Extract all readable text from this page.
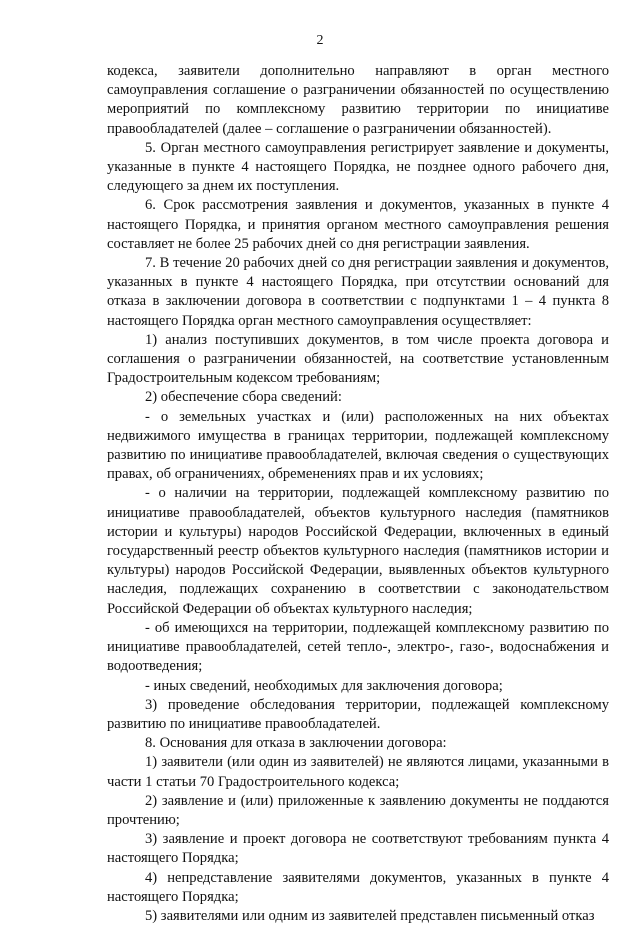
2

кодекса, заявители дополнительно направляют в орган местного самоуправления соглашение о разграничении обязанностей по осуществлению мероприятий по комплексному развитию территории по инициативе правообладателей (далее – соглашение о разграничении обязанностей).

5. Орган местного самоуправления регистрирует заявление и документы, указанные в пункте 4 настоящего Порядка, не позднее одного рабочего дня, следующего за днем их поступления.

6. Срок рассмотрения заявления и документов, указанных в пункте 4 настоящего Порядка, и принятия органом местного самоуправления решения составляет не более 25 рабочих дней со дня регистрации заявления.

7. В течение 20 рабочих дней со дня регистрации заявления и документов, указанных в пункте 4 настоящего Порядка, при отсутствии оснований для отказа в заключении договора в соответствии с подпунктами 1 – 4 пункта 8 настоящего Порядка орган местного самоуправления осуществляет:

1) анализ поступивших документов, в том числе проекта договора и соглашения о разграничении обязанностей, на соответствие установленным Градостроительным кодексом требованиям;

2) обеспечение сбора сведений:

- о земельных участках и (или) расположенных на них объектах недвижимого имущества в границах территории, подлежащей комплексному развитию по инициативе правообладателей, включая сведения о существующих правах, об ограничениях, обременениях прав и их условиях;

- о наличии на территории, подлежащей комплексному развитию по инициативе правообладателей, объектов культурного наследия (памятников истории и культуры) народов Российской Федерации, включенных в единый государственный реестр объектов культурного наследия (памятников истории и культуры) народов Российской Федерации, выявленных объектов культурного наследия, подлежащих сохранению в соответствии с законодательством Российской Федерации об объектах культурного наследия;

- об имеющихся на территории, подлежащей комплексному развитию по инициативе правообладателей, сетей тепло-, электро-, газо-, водоснабжения и водоотведения;

- иных сведений, необходимых для заключения договора;

3) проведение обследования территории, подлежащей комплексному развитию по инициативе правообладателей.

8. Основания для отказа в заключении договора:

1) заявители (или один из заявителей) не являются лицами, указанными в части 1 статьи 70 Градостроительного кодекса;

2) заявление и (или) приложенные к заявлению документы не поддаются прочтению;

3) заявление и проект договора не соответствуют требованиям пункта 4 настоящего Порядка;

4) непредставление заявителями документов, указанных в пункте 4 настоящего Порядка;

5) заявителями или одним из заявителей представлен письменный отказ
